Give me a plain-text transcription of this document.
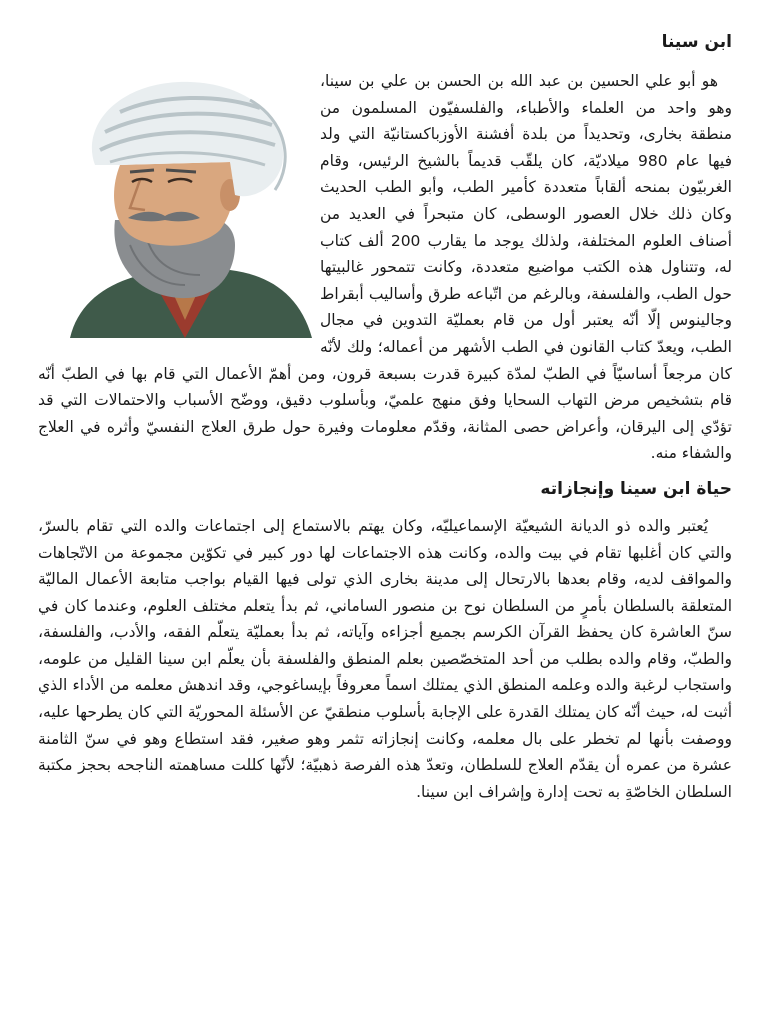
ابن سينا

هو أبو علي الحسين بن عبد الله بن الحسن بن علي بن سينا، وهو واحد من العلماء والأطباء، والفلسفيّون المسلمون من منطقة بخارى، وتحديداً من بلدة أفشنة الأوزباكستانيّة التي ولد فيها عام 980 ميلاديّة، كان يلقّب قديماً بالشيخ الرئيس، وقام الغربيّون بمنحه ألقاباً متعددة كأمير الطب، وأبو الطب الحديث وكان ذلك خلال العصور الوسطى، كان متبحراً في العديد من أصناف العلوم المختلفة، ولذلك يوجد ما يقارب 200 ألف كتاب له، وتتناول هذه الكتب مواضيع متعددة، وكانت تتمحور غالبيتها حول الطب، والفلسفة، وبالرغم من اتّباعه طرق وأساليب أبقراط وجالينوس إلّا أنّه يعتبر أول من قام بعمليّة التدوين في مجال الطب، ويعدّ كتاب القانون في الطب الأشهر من أعماله؛ ولك لأنّه كان مرجعاً أساسيّاً في الطبّ لمدّة كبيرة قدرت بسبعة قرون، ومن أهمّ الأعمال التي قام بها في الطبّ أنّه قام بتشخيص مرض التهاب السحايا وفق منهج علميّ، وبأسلوب دقيق، ووضّح الأسباب والاحتمالات التي قد تؤدّي إلى اليرقان، وأعراض حصى المثانة، وقدّم معلومات وفيرة حول طرق العلاج النفسيّ وأثره في العلاج والشفاء منه.

حياة ابن سينا وإنجازاته

يُعتبر والده ذو الديانة الشيعيّة الإسماعيليّه، وكان يهتم بالاستماع إلى اجتماعات والده التي تقام بالسرّ، والتي كان أغلبها تقام في بيت والده، وكانت هذه الاجتماعات لها دور كبير في تكوّين مجموعة من الاتّجاهات والمواقف لديه، وقام بعدها بالارتحال إلى مدينة بخارى الذي تولى فيها القيام بواجب متابعة الأعمال الماليّة المتعلقة بالسلطان بأمرٍ من السلطان نوح بن منصور الساماني، ثم بدأ يتعلم مختلف العلوم، وعندما كان في سنّ العاشرة كان يحفظ القرآن الكرسم بجميع أجزاءه وآياته، ثم بدأ بعمليّة يتعلّم الفقه، والأدب، والفلسفة، والطبّ، وقام والده بطلب من أحد المتخصّصين بعلم المنطق والفلسفة بأن يعلّم ابن سينا القليل من علومه، واستجاب لرغبة والده وعلمه المنطق الذي يمتلك اسماً معروفاً بإيساغوجي، وقد اندهش معلمه من الأداء الذي أثبت له، حيث أنّه كان يمتلك القدرة على الإجابة بأسلوب منطقيّ عن الأسئلة المحوريّة التي كان يطرحها عليه، ووصفت بأنها لم تخطر على بال معلمه، وكانت إنجازاته تثمر وهو صغير، فقد استطاع وهو في سنّ الثامنة عشرة من عمره أن يقدّم العلاج للسلطان، وتعدّ هذه الفرصة ذهبيّة؛ لأنّها كللت مساهمته الناجحه بحجز مكتبة السلطان الخاصّةِ به تحت إدارة وإشراف ابن سينا.
